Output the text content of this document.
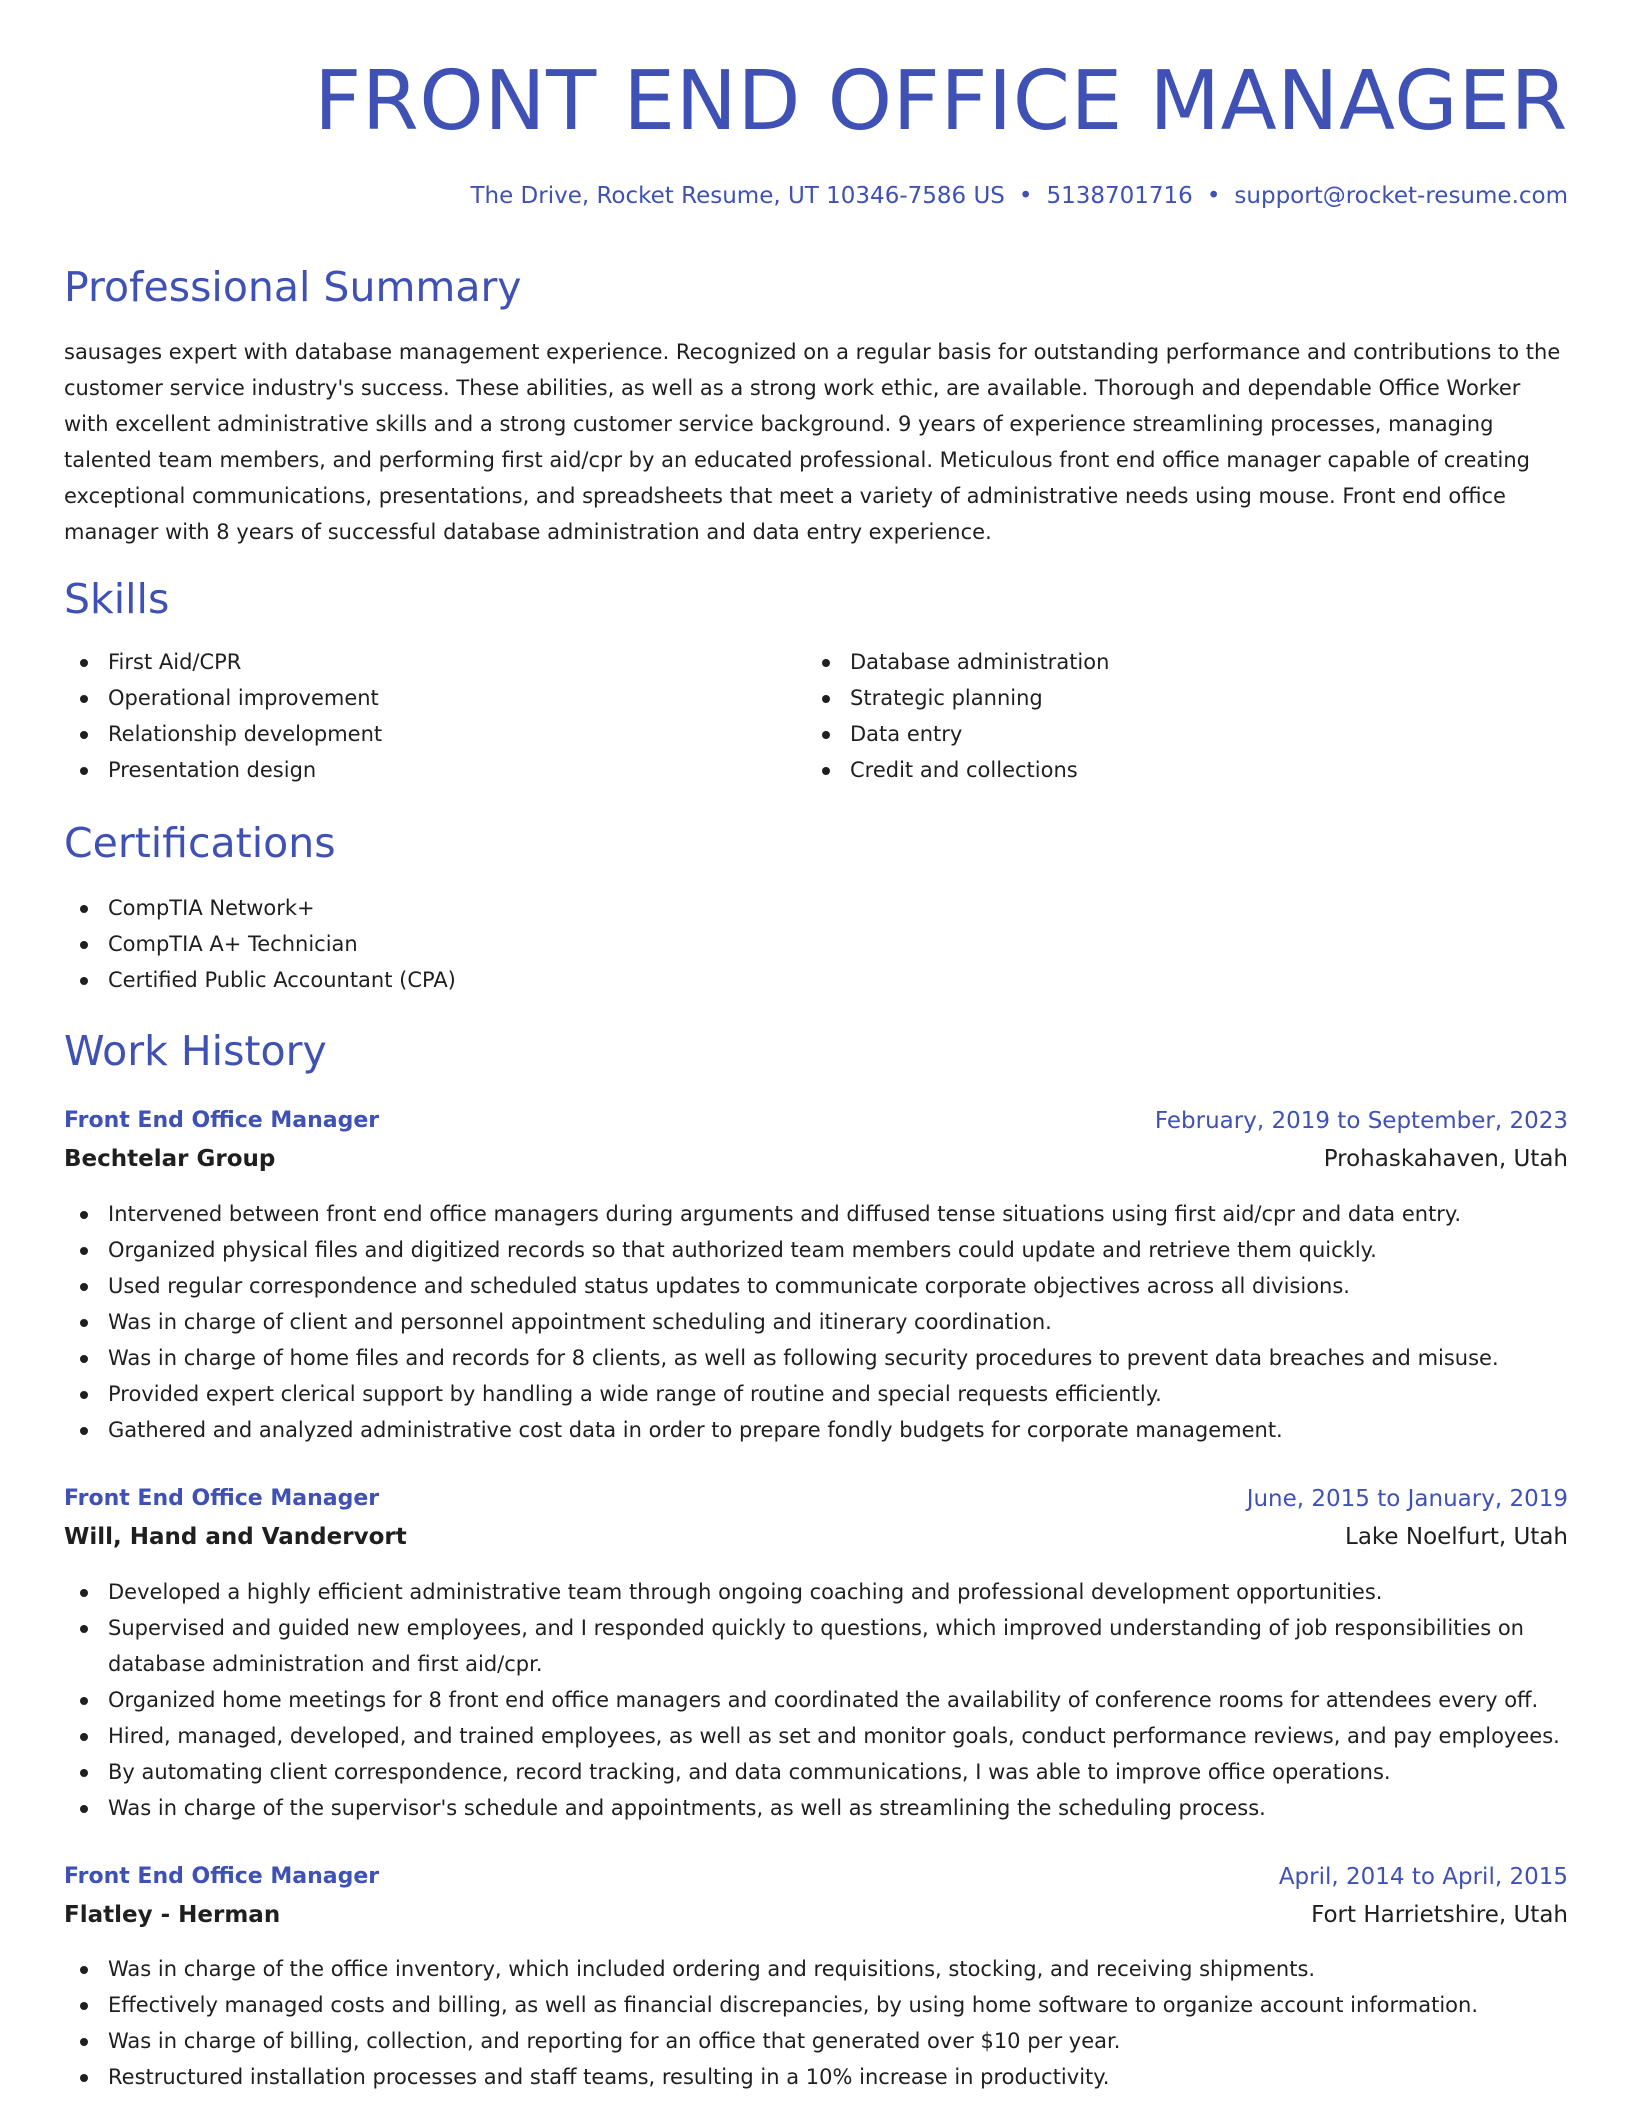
FRONT END OFFICE MANAGER
The Drive, Rocket Resume, UT 10346-7586 US • 5138701716 • support@rocket-resume.com
Professional Summary

sausages expert with database management experience. Recognized on a regular basis for outstanding performance and contributions to the customer service industry's success. These abilities, as well as a strong work ethic, are available. Thorough and dependable Office Worker with excellent administrative skills and a strong customer service background. 9 years of experience streamlining processes, managing talented team members, and performing first aid/cpr by an educated professional. Meticulous front end office manager capable of creating exceptional communications, presentations, and spreadsheets that meet a variety of administrative needs using mouse. Front end office manager with 8 years of successful database administration and data entry experience.

Skills
First Aid/CPR
Operational improvement
Relationship development
Presentation design
Database administration
Strategic planning
Data entry
Credit and collections
Certifications
CompTIA Network+
CompTIA A+ Technician
Certified Public Accountant (CPA)
Work History
Front End Office Manager	February, 2019 to September, 2023
Bechtelar Group	Prohaskahaven, Utah
Intervened between front end office managers during arguments and diffused tense situations using first aid/cpr and data entry.
Organized physical files and digitized records so that authorized team members could update and retrieve them quickly.
Used regular correspondence and scheduled status updates to communicate corporate objectives across all divisions.
Was in charge of client and personnel appointment scheduling and itinerary coordination.
Was in charge of home files and records for 8 clients, as well as following security procedures to prevent data breaches and misuse.
Provided expert clerical support by handling a wide range of routine and special requests efficiently.
Gathered and analyzed administrative cost data in order to prepare fondly budgets for corporate management.
Front End Office Manager	June, 2015 to January, 2019
Will, Hand and Vandervort	Lake Noelfurt, Utah
Developed a highly efficient administrative team through ongoing coaching and professional development opportunities.
Supervised and guided new employees, and I responded quickly to questions, which improved understanding of job responsibilities on database administration and first aid/cpr.
Organized home meetings for 8 front end office managers and coordinated the availability of conference rooms for attendees every off.
Hired, managed, developed, and trained employees, as well as set and monitor goals, conduct performance reviews, and pay employees.
By automating client correspondence, record tracking, and data communications, I was able to improve office operations.
Was in charge of the supervisor's schedule and appointments, as well as streamlining the scheduling process.
Front End Office Manager	April, 2014 to April, 2015
Flatley - Herman	Fort Harrietshire, Utah
Was in charge of the office inventory, which included ordering and requisitions, stocking, and receiving shipments.
Effectively managed costs and billing, as well as financial discrepancies, by using home software to organize account information.
Was in charge of billing, collection, and reporting for an office that generated over $10 per year.
Restructured installation processes and staff teams, resulting in a 10% increase in productivity.
